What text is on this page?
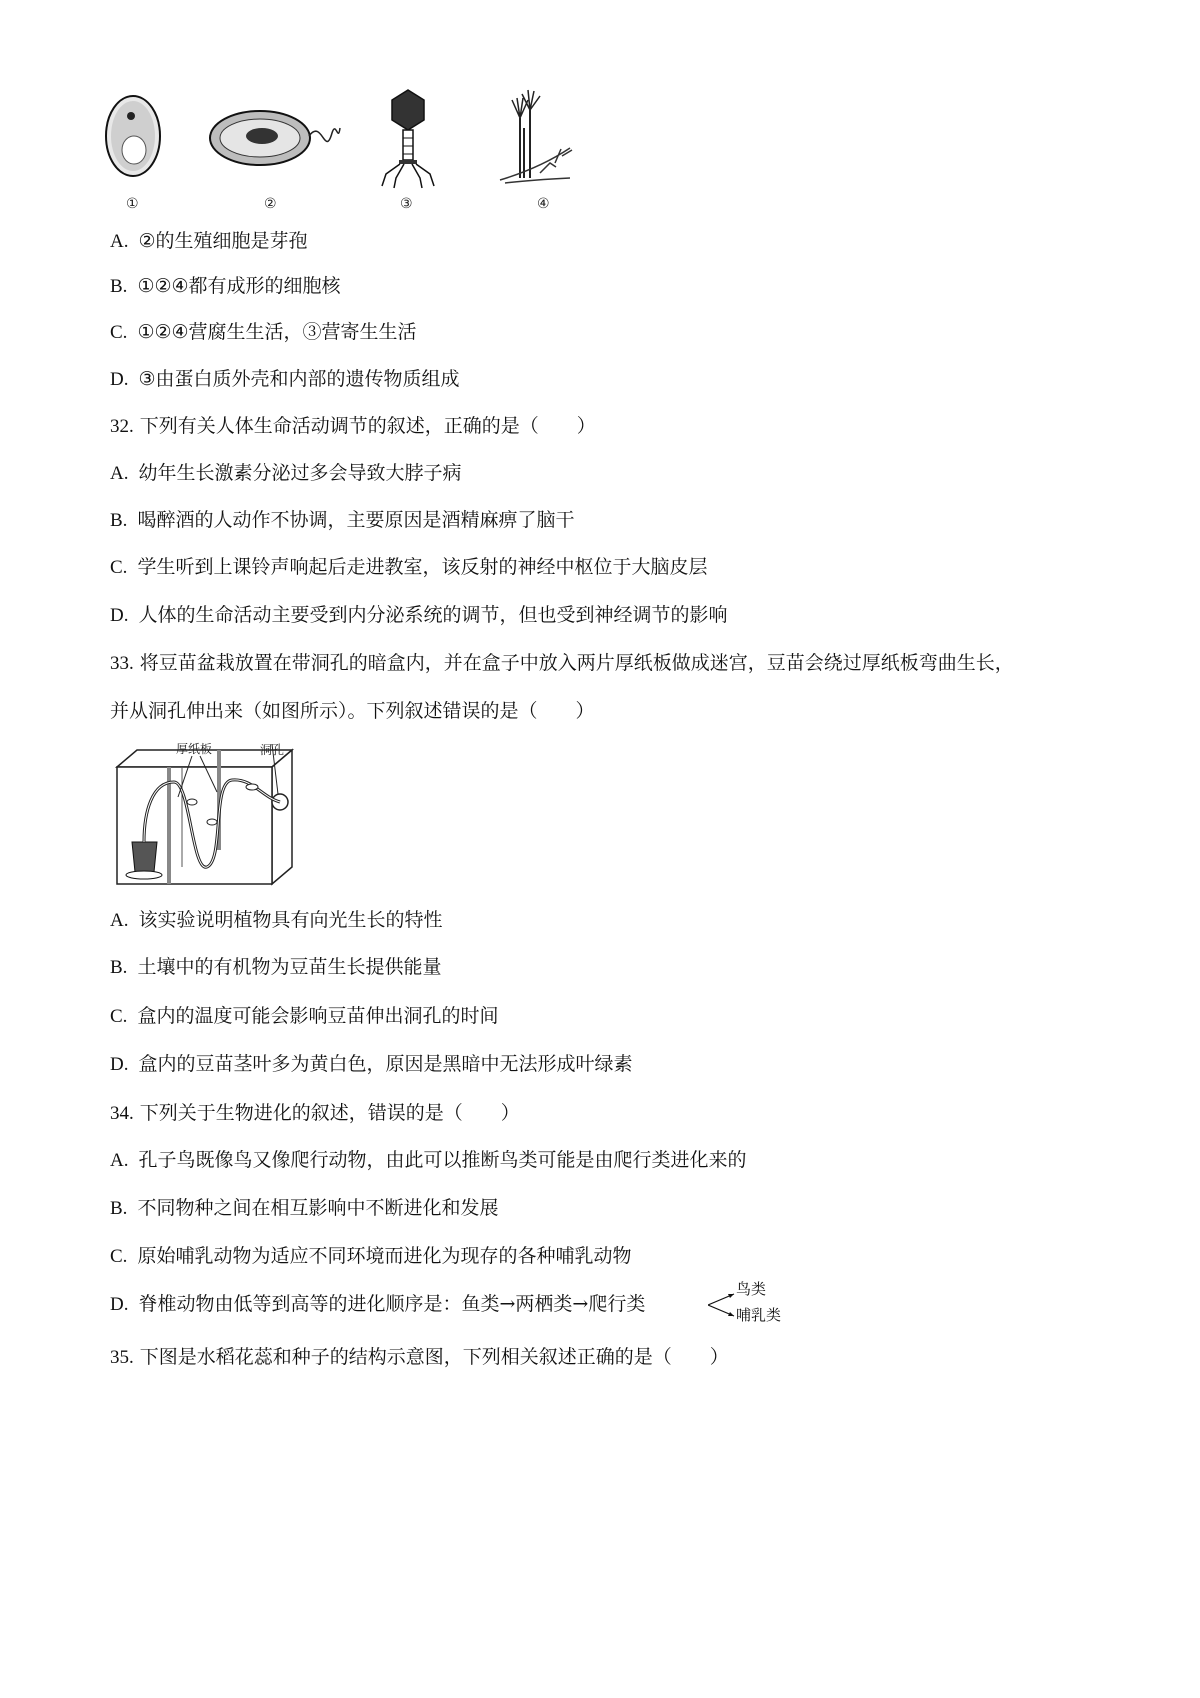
①	②	③	④
A. ②的生殖细胞是芽孢
B. ①②④都有成形的细胞核
C. ①②④营腐生生活，③营寄生生活
D. ③由蛋白质外壳和内部的遗传物质组成
32. 下列有关人体生命活动调节的叙述，正确的是（　　）
A. 幼年生长激素分泌过多会导致大脖子病
B. 喝醉酒的人动作不协调，主要原因是酒精麻痹了脑干
C. 学生听到上课铃声响起后走进教室，该反射的神经中枢位于大脑皮层
D. 人体的生命活动主要受到内分泌系统的调节，但也受到神经调节的影响
33. 将豆苗盆栽放置在带洞孔的暗盒内，并在盒子中放入两片厚纸板做成迷宫，豆苗会绕过厚纸板弯曲生长，
并从洞孔伸出来（如图所示）。下列叙述错误的是（　　）
厚纸板	洞孔
A. 该实验说明植物具有向光生长的特性
B. 土壤中的有机物为豆苗生长提供能量
C. 盒内的温度可能会影响豆苗伸出洞孔的时间
D. 盒内的豆苗茎叶多为黄白色，原因是黑暗中无法形成叶绿素
34. 下列关于生物进化的叙述，错误的是（　　）
A. 孔子鸟既像鸟又像爬行动物，由此可以推断鸟类可能是由爬行类进化来的
B. 不同物种之间在相互影响中不断进化和发展
C. 原始哺乳动物为适应不同环境而进化为现存的各种哺乳动物
D. 脊椎动物由低等到高等的进化顺序是：鱼类→两栖类→爬行类
鸟类
哺乳类
35. 下图是水稻花蕊和种子的结构示意图，下列相关叙述正确的是（　　）
